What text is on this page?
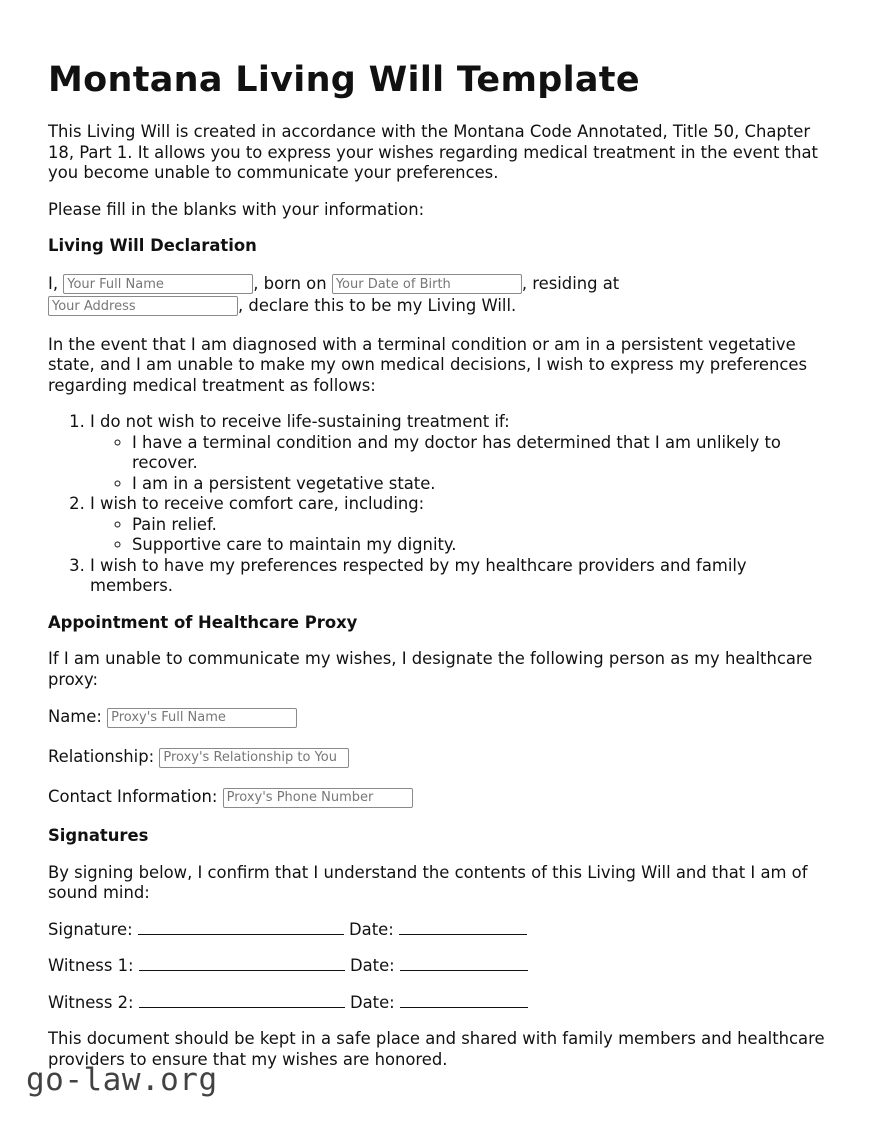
Montana Living Will Template

This Living Will is created in accordance with the Montana Code Annotated, Title 50, Chapter 18, Part 1. It allows you to express your wishes regarding medical treatment in the event that you become unable to communicate your preferences.

Please fill in the blanks with your information:

Living Will Declaration

I, Your Full Name	, born on Your Date of Birth	, residing at
Your Address, declare this to be my Living Will.

In the event that I am diagnosed with a terminal condition or am in a persistent vegetative state, and I am unable to make my own medical decisions, I wish to express my preferences regarding medical treatment as follows:

1. I do not wish to receive life-sustaining treatment if:
◦ I have a terminal condition and my doctor has determined that I am unlikely to recover.
◦ I am in a persistent vegetative state.
2. I wish to receive comfort care, including:
◦ Pain relief.
◦ Supportive care to maintain my dignity.
3. I wish to have my preferences respected by my healthcare providers and family members.
Appointment of Healthcare Proxy

If I am unable to communicate my wishes, I designate the following person as my healthcare proxy:

Name: Proxy's Full Name
Relationship: Proxy's Relationship to You
Contact Information: Proxy's Phone Number
Signatures

By signing below, I confirm that I understand the contents of this Living Will and that I am of sound mind:

Signature:	Date:

Witness 1:	Date:

Witness 2:	Date:

This document should be kept in a safe place and shared with family members and healthcare providers to ensure that my wishes are honored.

go-law.org
